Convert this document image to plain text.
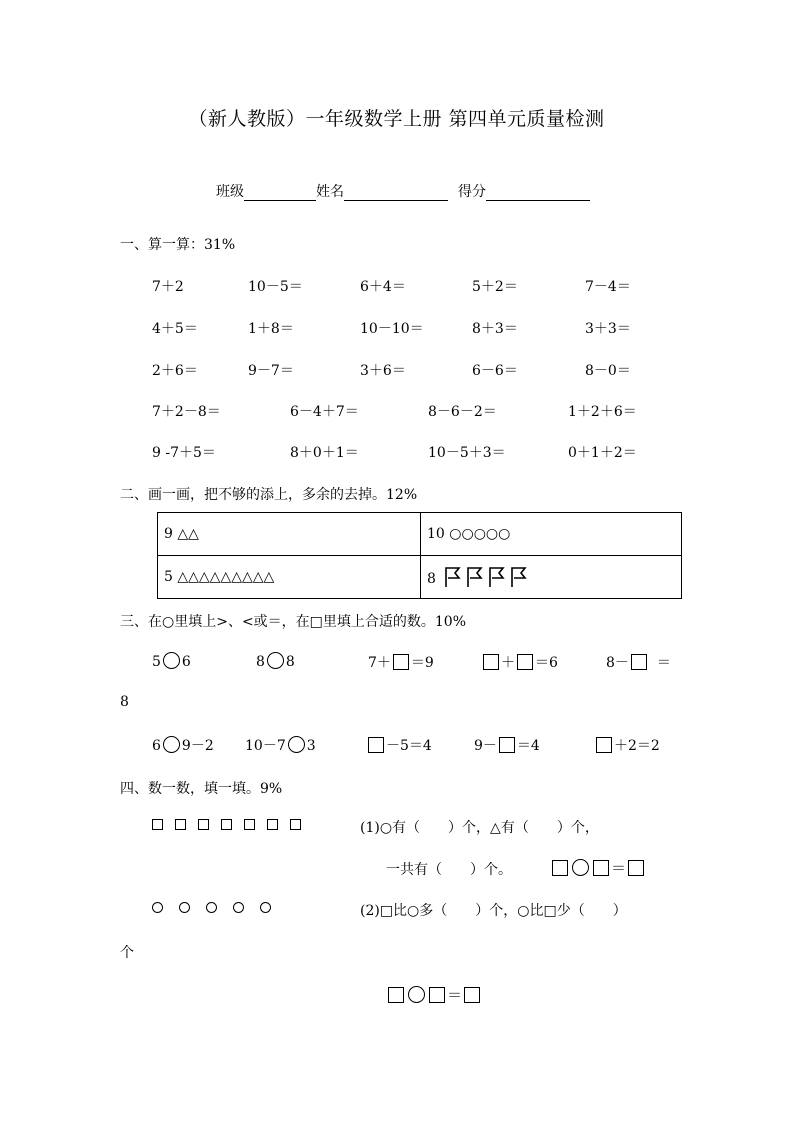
（新人教版）一年级数学上册 第四单元质量检测
班级	姓名	得分
一、算一算：31%
7＋2	10－5＝	6＋4＝	5＋2＝	7－4＝
4＋5＝	1＋8＝	10－10＝	8＋3＝	3＋3＝
2＋6＝	9－7＝	3＋6＝	6－6＝	8－0＝
7＋2－8＝	6－4＋7＝	8－6－2＝	1＋2＋6＝
9 -7＋5＝	8＋0＋1＝	10－5＋3＝	0＋1＋2＝
二、画一画，把不够的添上，多余的去掉。12%
9 △△	10 ○○○○○
5 △△△△△△△△△	8
三、在○里填上>、<或＝，在□里填上合适的数。10%
5 6	8 8	7＋ ＝9	＋ ＝6	8－ ＝
8
6 9－2 10－7 3	－5＝4	9－ ＝4	＋2＝2
四、数一数，填一填。9%
(1)○有（　　）个，△有（　　）个，
一共有（　　）个。	＝
(2)□比○多（　　）个，○比□少（　　）
个
＝
